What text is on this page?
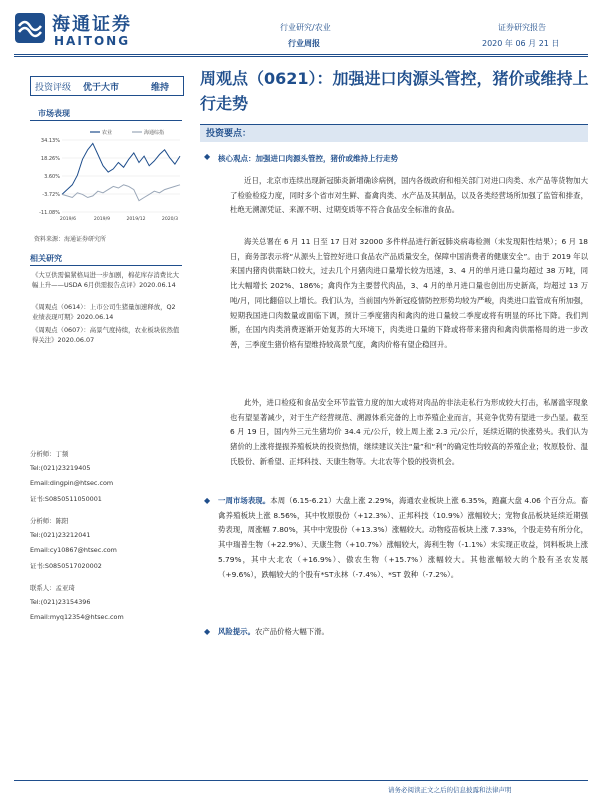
海通证券
HAITONG
行业研究/农业
行业周报
证券研究报告
2020 年 06 月 21 日
投资评级 优于大市	维持 周观点（0621）：加强进口肉源头管控，猪价或维持上行走势
市场表现
34.13%
18.26%
3.60%
-3.72%
-11.08%
2019/6	2019/9	2019/12	2020/3
农业	海通综指
资料来源：海通证券研究所
相关研究
《大豆供需偏紧格局进一步加剧，棉花库存消费比大幅上升——USDA 6月供需报告点评》2020.06.14
《周观点（0614）：上市公司生猪量加速释放，Q2 业绩表现可期》2020.06.14
《周观点（0607）：高景气度持续，农业板块依然值得关注》2020.06.07
分析师：丁频
Tel:(021)23219405
Email:dingpin@htsec.com
证书:S0850511050001
分析师：陈阳
Tel:(021)23212041
Email:cy10867@htsec.com
证书:S0850517020002
联系人：孟亚琦
Tel:(021)23154396
Email:myq12354@htsec.com
投资要点：
◆ 核心观点：加强进口肉源头管控，猪价或维持上行走势
近日，北京市连续出现新冠肺炎新增确诊病例，国内各级政府和相关部门对进口肉类、水产品等货物加大了检验检疫力度，同时多个省市对生鲜、畜禽肉类、水产品及其制品，以及各类经营场所加强了监管和排查，杜绝无溯源凭证、来源不明、过期变质等不符合食品安全标准的食品。
海关总署在 6 月 11 日至 17 日对 32000 多件样品进行新冠肺炎病毒检测（未发现阳性结果）；6 月 18 日，商务部表示将“从源头上管控好进口食品农产品质量安全，保障中国消费者的健康安全”。由于 2019 年以来国内猪肉供需缺口较大，过去几个月猪肉进口量增长较为迅速，3、4 月的单月进口量均超过 38 万吨，同比大幅增长 202%、186%；禽肉作为主要替代肉品，3、4 月的单月进口量也创出历史新高，均超过 13 万吨/月，同比翻倍以上增长。我们认为，当前国内外新冠疫情防控形势均较为严峻，肉类进口监管成有所加强，短期我国进口肉数量或面临下调，预计三季度猪肉和禽肉的进口量较二季度或将有明显的环比下降。我们判断，在国内肉类消费逐渐开始复苏的大环境下，肉类进口量的下降或将带来猪肉和禽肉供需格局的进一步改善，三季度生猪价格有望维持较高景气度，禽肉价格有望企稳回升。
此外，进口检疫和食品安全环节监管力度的加大或将对肉品的非法走私行为形成较大打击，私屠滥宰现象也有望显著减少，对于生产经营规范、溯源体系完备的上市养殖企业而言，其竞争优势有望进一步凸显。截至 6 月 19 日，国内外三元生猪均价 34.4 元/公斤，较上周上涨 2.3 元/公斤，延续近期的快涨势头。我们认为猪价的上涨将提振养殖板块的投资热情，继续建议关注“量”和“利”的确定性均较高的养殖企业；牧原股份、温氏股份、新希望、正邦科技、天康生物等。大北农等个股的投资机会。
◆ 一周市场表现。本周（6.15-6.21）大盘上涨 2.29%，海通农业板块上涨 6.35%，跑赢大盘 4.06 个百分点。畜禽养殖板块上涨 8.56%，其中牧原股份（+12.3%）、正邦科技（10.9%）涨幅较大；宠物食品板块延续近期强势表现，周涨幅 7.80%，其中中宠股份（+13.3%）涨幅较大。动物疫苗板块上涨 7.33%，个股走势有所分化，其中瑞普生物（+22.9%）、天康生物（+10.7%）涨幅较大，海利生物（-1.1%）未实现正收益，饲料板块上涨 5.79%，其中大北农（+16.9%）、傲农生物（+15.7%）涨幅较大。其他涨幅较大的个股有圣农发展（+9.6%），跌幅较大的个股有*ST永林（-7.4%）、*ST 敦种（-7.2%）。
◆ 风险提示。农产品价格大幅下滑。
请务必阅读正文之后的信息披露和法律声明
